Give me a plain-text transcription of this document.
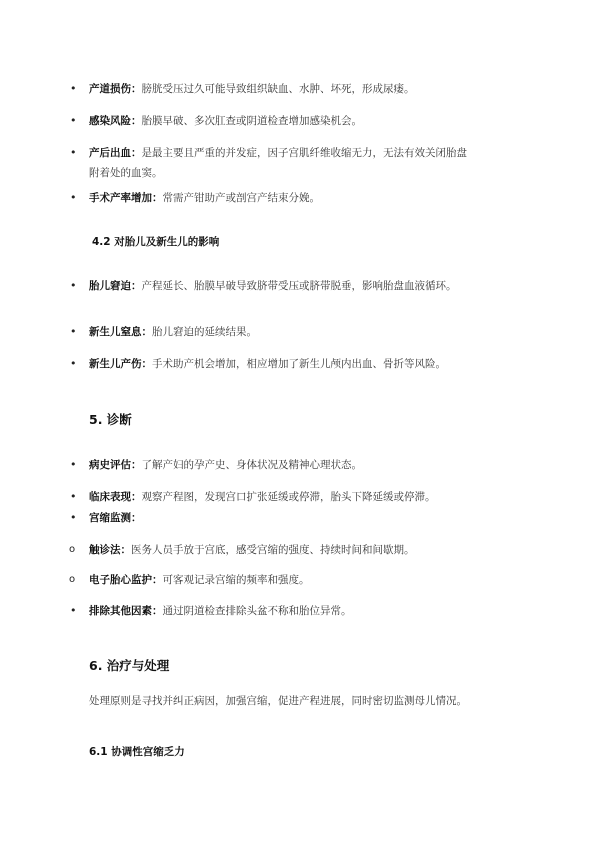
•	产道损伤：膀胱受压过久可能导致组织缺血、水肿、坏死，形成尿瘘。
•	感染风险：胎膜早破、多次肛查或阴道检查增加感染机会。
•	产后出血：是最主要且严重的并发症，因子宫肌纤维收缩无力，无法有效关闭胎盘附着处的血窦。
•	手术产率增加：常需产钳助产或剖宫产结束分娩。
4.2 对胎儿及新生儿的影响
•	胎儿窘迫：产程延长、胎膜早破导致脐带受压或脐带脱垂，影响胎盘血液循环。
•	新生儿窒息：胎儿窘迫的延续结果。
•	新生儿产伤：手术助产机会增加，相应增加了新生儿颅内出血、骨折等风险。
5. 诊断
•	病史评估：了解产妇的孕产史、身体状况及精神心理状态。
•	临床表现：观察产程图，发现宫口扩张延缓或停滞，胎头下降延缓或停滞。
•	宫缩监测：
o	触诊法：医务人员手放于宫底，感受宫缩的强度、持续时间和间歇期。
o	电子胎心监护：可客观记录宫缩的频率和强度。
•	排除其他因素：通过阴道检查排除头盆不称和胎位异常。
6. 治疗与处理
处理原则是寻找并纠正病因，加强宫缩，促进产程进展，同时密切监测母儿情况。
6.1 协调性宫缩乏力
